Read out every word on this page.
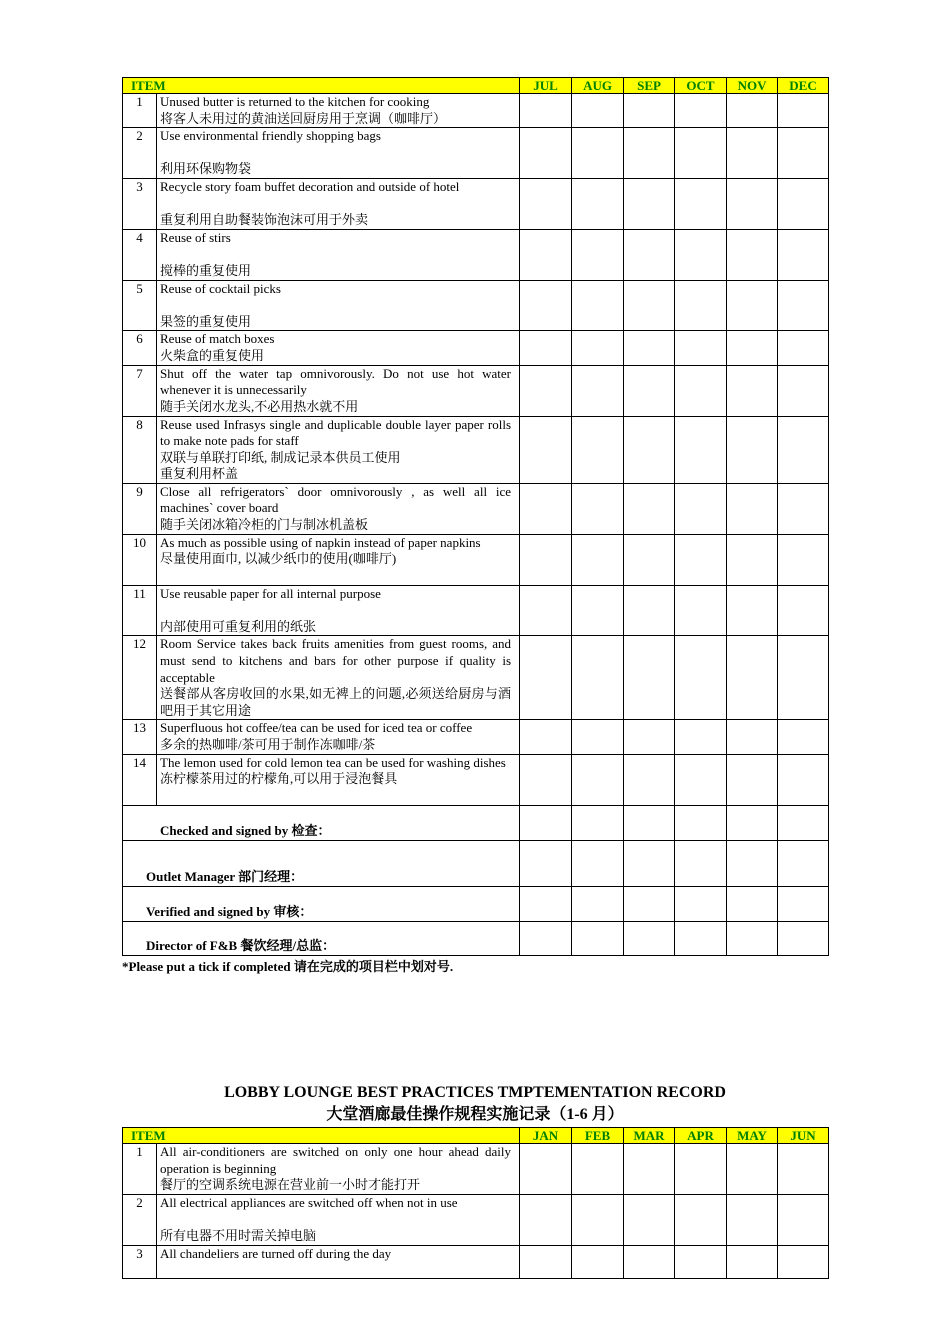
ITEM		JUL	AUG	SEP	OCT	NOV	DEC
1	Unused butter is returned to the kitchen for cooking
将客人未用过的黄油送回厨房用于烹调（咖啡厅）						

2	Use environmental friendly shopping bags
利用环保购物袋						

3	Recycle story foam buffet decoration and outside of hotel
重复利用自助餐装饰泡沫可用于外卖						

4	Reuse of stirs
搅棒的重复使用						

5	Reuse of cocktail picks
果签的重复使用						

6	Reuse of match boxes
火柴盒的重复使用						

7	Shut off the water tap omnivorously. Do not use hot water whenever it is unnecessarily
随手关闭水龙头,不必用热水就不用						

8	Reuse used Infrasys single and duplicable double layer paper rolls to make note pads for staff
双联与单联打印纸, 制成记录本供员工使用
重复利用杯盖						

9	Close all refrigerators` door omnivorously , as well all ice machines` cover board
随手关闭冰箱冷柜的门与制冰机盖板						

10	As much as possible using of napkin instead of paper napkins
尽量使用面巾, 以减少纸巾的使用(咖啡厅)						

11	Use reusable paper for all internal purpose
内部使用可重复利用的纸张						

12	Room Service takes back fruits amenities from guest rooms, and must send to kitchens and bars for other purpose if quality is acceptable
送餐部从客房收回的水果,如无裨上的问题,必须送给厨房与酒吧用于其它用途						

13	Superfluous hot coffee/tea can be used for iced tea or coffee
多余的热咖啡/茶可用于制作冻咖啡/茶						

14	The lemon used for cold lemon tea can be used for washing dishes
冻柠檬茶用过的柠檬角,可以用于浸泡餐具						

Checked and signed by 检查：							
Outlet Manager 部门经理：							
Verified and signed by 审核：							
Director of F&B 餐饮经理/总监：							
*Please put a tick if completed 请在完成的项目栏中划对号.
LOBBY LOUNGE BEST PRACTICES TMPTEMENTATION RECORD
大堂酒廊最佳操作规程实施记录（1-6 月）
ITEM		JAN	FEB	MAR	APR	MAY	JUN
1	All air-conditioners are switched on only one hour ahead daily operation is beginning
餐厅的空调系统电源在营业前一小时才能打开						

2	All electrical appliances are switched off when not in use
所有电器不用时需关掉电脑						

3	All chandeliers are turned off during the day						
